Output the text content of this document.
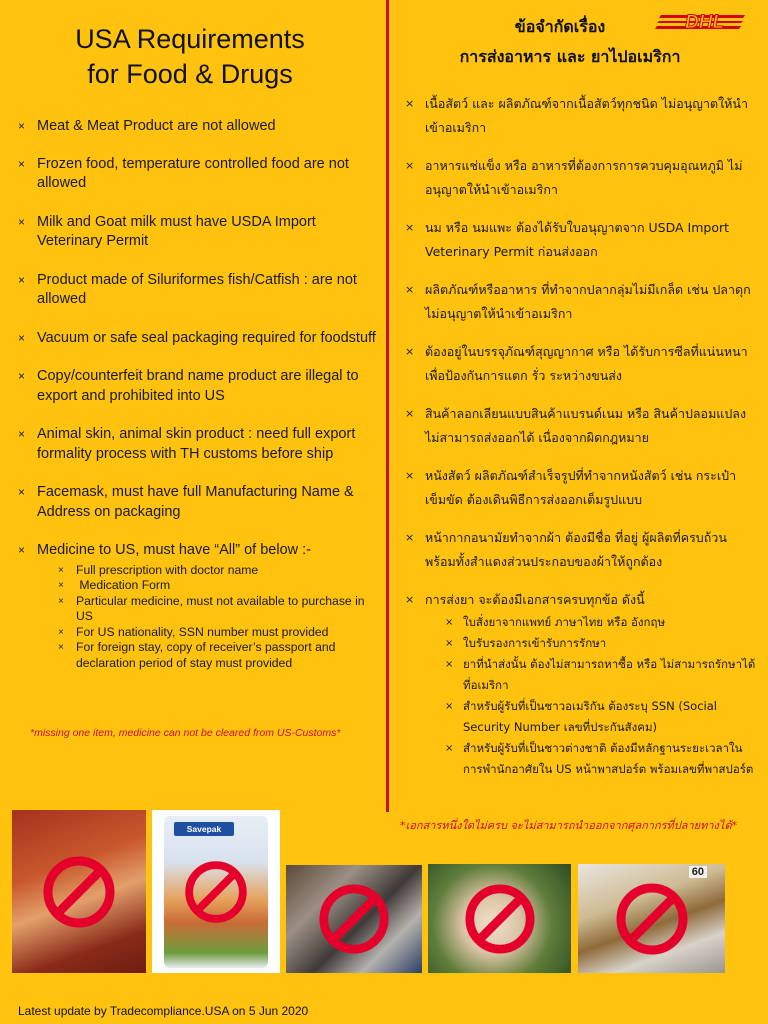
USA Requirements
for Food & Drugs
× Meat & Meat Product are not allowed
× Frozen food, temperature controlled food are not allowed
× Milk and Goat milk must have USDA Import Veterinary Permit
× Product made of Siluriformes fish/Catfish : are not allowed
× Vacuum or safe seal packaging required for foodstuff
× Copy/counterfeit brand name product are illegal to export and prohibited into US
× Animal skin, animal skin product : need full export formality process with TH customs before ship
× Facemask, must have full Manufacturing Name & Address on packaging
× Medicine to US, must have “All” of below :-
× Full prescription with doctor name
× Medication Form
× Particular medicine, must not available to purchase in US
× For US nationality, SSN number must provided
× For foreign stay, copy of receiver’s passport and declaration period of stay must provided
*missing one item, medicine can not be cleared from US-Customs*
ข้อจำกัดเรื่อง
การส่งอาหาร และ ยาไปอเมริกา
DHL
× เนื้อสัตว์ และ ผลิตภัณฑ์จากเนื้อสัตว์ทุกชนิด ไม่อนุญาตให้นำเข้าอเมริกา
× อาหารแช่แข็ง หรือ อาหารที่ต้องการการควบคุมอุณหภูมิ ไม่อนุญาตให้นำเข้าอเมริกา
× นม หรือ นมแพะ ต้องได้รับใบอนุญาตจาก USDA Import Veterinary Permit ก่อนส่งออก
× ผลิตภัณฑ์หรืออาหาร ที่ทำจากปลากลุ่มไม่มีเกล็ด เช่น ปลาดุก ไม่อนุญาตให้นำเข้าอเมริกา
× ต้องอยู่ในบรรจุภัณฑ์สุญญากาศ หรือ ได้รับการซีลที่แน่นหนา เพื่อป้องกันการแตก รั่ว ระหว่างขนส่ง
× สินค้าลอกเลียนแบบสินค้าแบรนด์เนม หรือ สินค้าปลอมแปลง ไม่สามารถส่งออกได้ เนื่องจากผิดกฎหมาย
× หนังสัตว์ ผลิตภัณฑ์สำเร็จรูปที่ทำจากหนังสัตว์ เช่น กระเป๋า เข็มขัด ต้องเดินพิธีการส่งออกเต็มรูปแบบ
× หน้ากากอนามัยทำจากผ้า ต้องมีชื่อ ที่อยู่ ผู้ผลิตที่ครบถ้วน พร้อมทั้งสำแดงส่วนประกอบของผ้าให้ถูกต้อง
× การส่งยา จะต้องมีเอกสารครบทุกข้อ ดังนี้
× ใบสั่งยาจากแพทย์ ภาษาไทย หรือ อังกฤษ
× ใบรับรองการเข้ารับการรักษา
× ยาที่นำส่งนั้น ต้องไม่สามารถหาซื้อ หรือ ไม่สามารถรักษาได้ ที่อเมริกา
× สำหรับผู้รับที่เป็นชาวอเมริกัน ต้องระบุ SSN (Social Security Number เลขที่ประกันสังคม)
× สำหรับผู้รับที่เป็นชาวต่างชาติ ต้องมีหลักฐานระยะเวลาในการพำนักอาศัยใน US หน้าพาสปอร์ต พร้อมเลขที่พาสปอร์ต
*เอกสารหนึ่งใดไม่ครบ จะไม่สามารถนำออกจากศุลกากรที่ปลายทางได้*
Savepak
60
Latest update by Tradecompliance.USA on 5 Jun 2020
